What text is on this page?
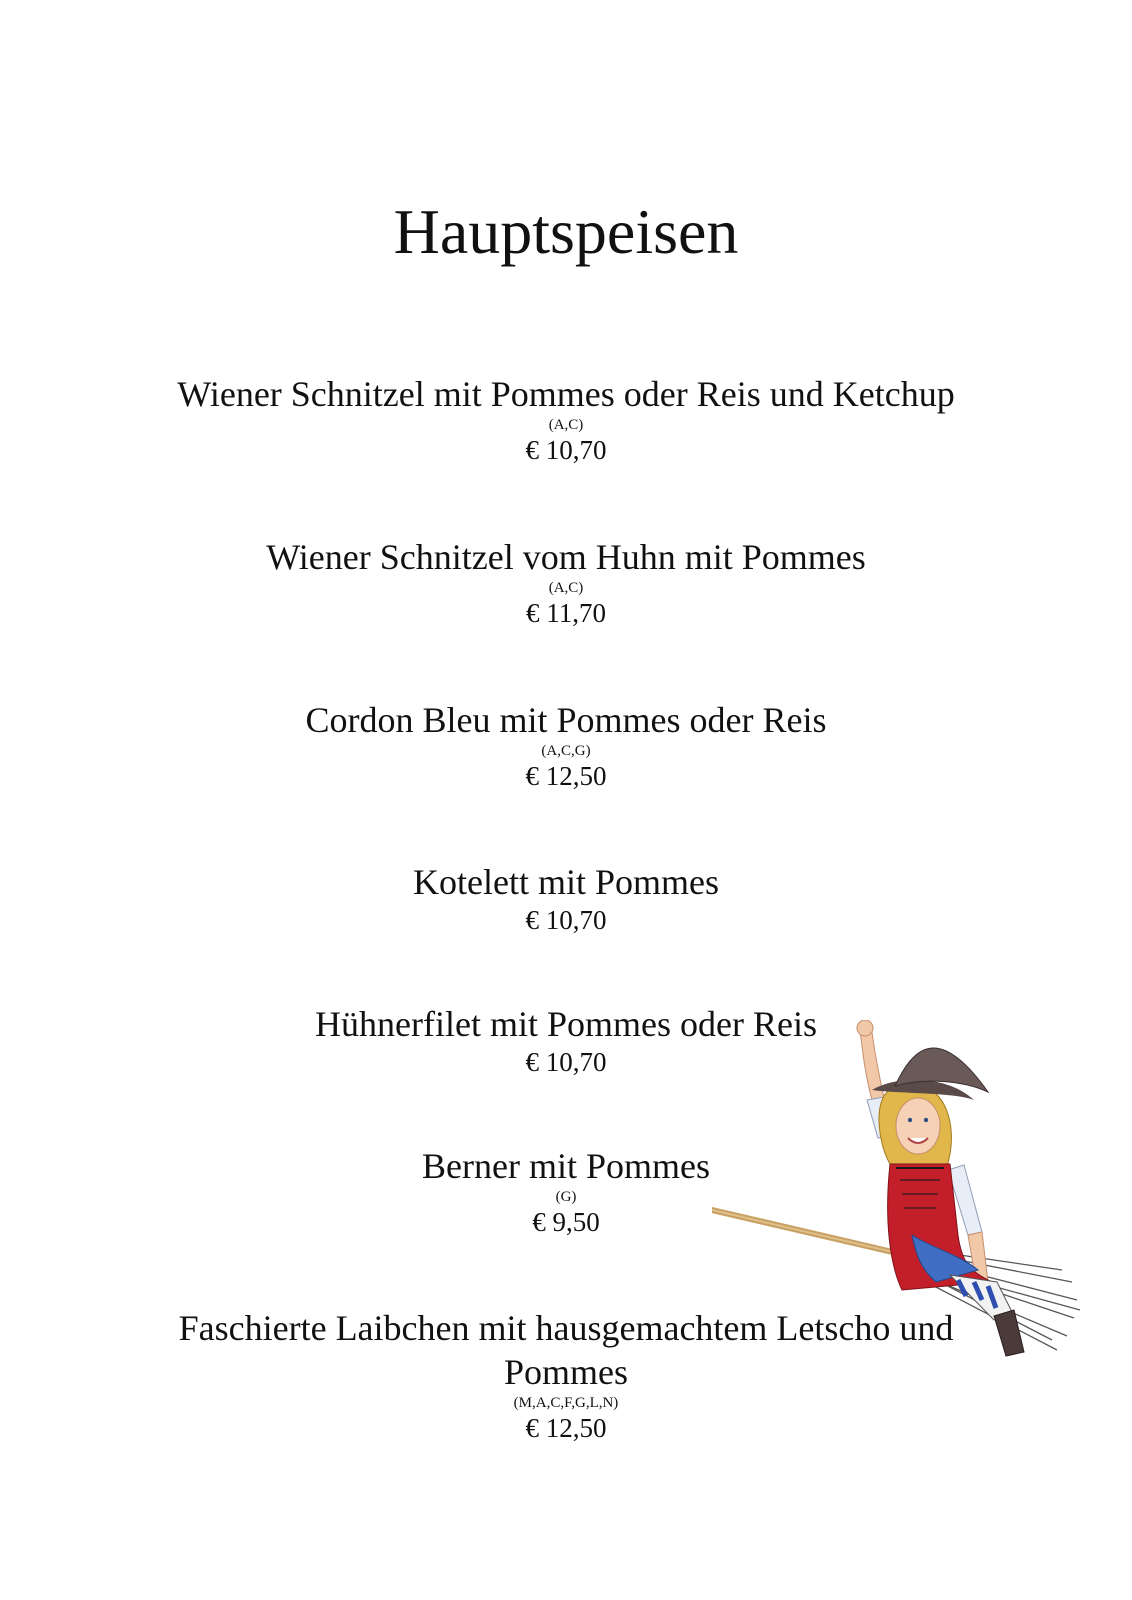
Hauptspeisen
Wiener Schnitzel mit Pommes oder Reis und Ketchup
(A,C)
€ 10,70
Wiener Schnitzel vom Huhn mit Pommes
(A,C)
€ 11,70
Cordon Bleu mit Pommes oder Reis
(A,C,G)
€ 12,50
Kotelett mit Pommes
€ 10,70
Hühnerfilet mit Pommes oder Reis
€ 10,70
Berner mit Pommes
(G)
€ 9,50
Faschierte Laibchen mit hausgemachtem Letscho und Pommes
(M,A,C,F,G,L,N)
€ 12,50
